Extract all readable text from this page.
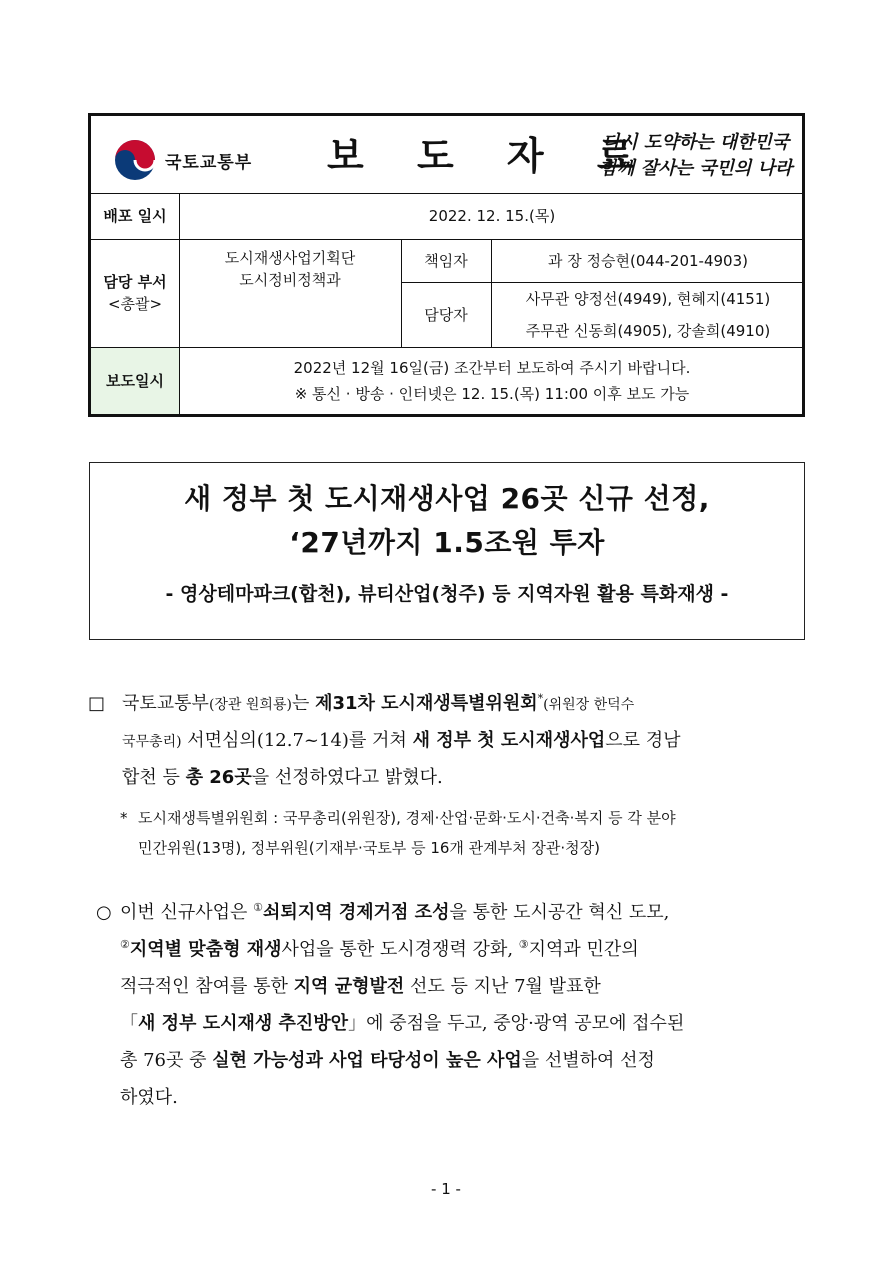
국토교통부 보 도 자 료
다시 도약하는 대한민국
함께 잘사는 국민의 나라
배포 일시	2022. 12. 15.(목)
담당 부서
<총괄>
도시재생사업기획단
도시정비정책과
책임자	과 장 정승현(044-201-4903)
담당자
사무관 양정선(4949), 현혜지(4151)
주무관 신동희(4905), 강솔희(4910)
보도일시
2022년 12월 16일(금) 조간부터 보도하여 주시기 바랍니다.
※ 통신 · 방송 · 인터넷은 12. 15.(목) 11:00 이후 보도 가능
새 정부 첫 도시재생사업 26곳 신규 선정,
‘27년까지 1.5조원 투자
- 영상테마파크(합천), 뷰티산업(청주) 등 지역자원 활용 특화재생 -
□ 국토교통부(장관 원희룡)는 제31차 도시재생특별위원회*(위원장 한덕수
국무총리) 서면심의(12.7~14)를 거쳐 새 정부 첫 도시재생사업으로 경남
합천 등 총 26곳을 선정하였다고 밝혔다.
* 도시재생특별위원회 : 국무총리(위원장), 경제·산업·문화·도시·건축·복지 등 각 분야
민간위원(13명), 정부위원(기재부·국토부 등 16개 관계부처 장관·청장)
○ 이번 신규사업은 ①쇠퇴지역 경제거점 조성을 통한 도시공간 혁신 도모,
②지역별 맞춤형 재생사업을 통한 도시경쟁력 강화, ③지역과 민간의
적극적인 참여를 통한 지역 균형발전 선도 등 지난 7월 발표한
「새 정부 도시재생 추진방안」에 중점을 두고, 중앙·광역 공모에 접수된
총 76곳 중 실현 가능성과 사업 타당성이 높은 사업을 선별하여 선정
하였다.
- 1 -
